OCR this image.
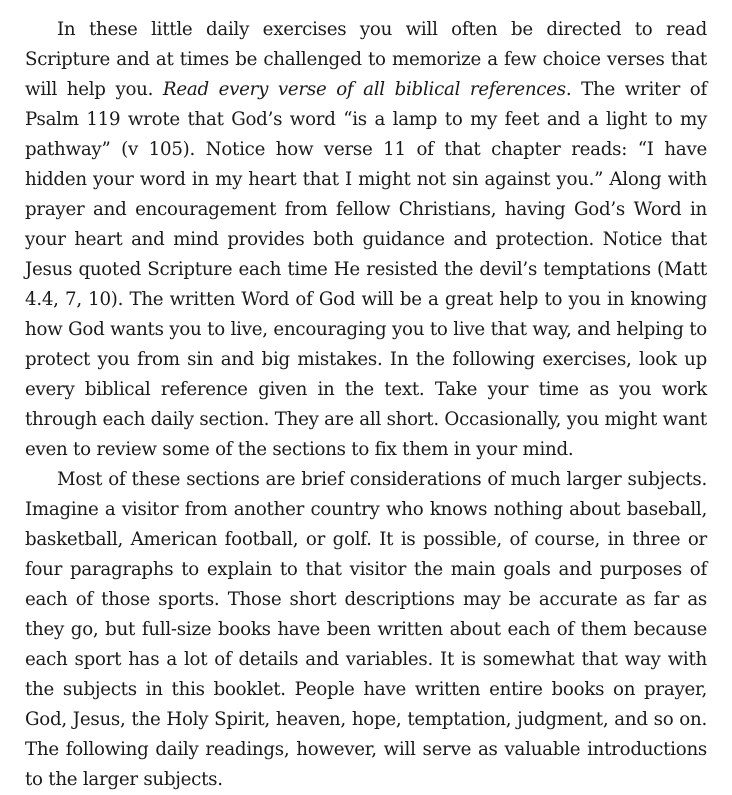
In these little daily exercises you will often be directed to read Scripture and at times be challenged to memorize a few choice verses that will help you. Read every verse of all biblical references. The writer of Psalm 119 wrote that God’s word “is a lamp to my feet and a light to my pathway” (v 105). Notice how verse 11 of that chapter reads: “I have hidden your word in my heart that I might not sin against you.” Along with prayer and encouragement from fellow Christians, having God’s Word in your heart and mind provides both guidance and protection. Notice that Jesus quoted Scripture each time He resisted the devil’s temptations (Matt 4.4, 7, 10). The written Word of God will be a great help to you in knowing how God wants you to live, encouraging you to live that way, and helping to protect you from sin and big mistakes. In the following exercises, look up every biblical reference given in the text. Take your time as you work through each daily section. They are all short. Occasionally, you might want even to review some of the sections to fix them in your mind.

Most of these sections are brief considerations of much larger subjects. Imagine a visitor from another country who knows nothing about baseball, basketball, American football, or golf. It is possible, of course, in three or four paragraphs to explain to that visitor the main goals and purposes of each of those sports. Those short descriptions may be accurate as far as they go, but full-size books have been written about each of them because each sport has a lot of details and variables. It is somewhat that way with the subjects in this booklet. People have written entire books on prayer, God, Jesus, the Holy Spirit, heaven, hope, temptation, judgment, and so on. The following daily readings, however, will serve as valuable introductions to the larger subjects.
